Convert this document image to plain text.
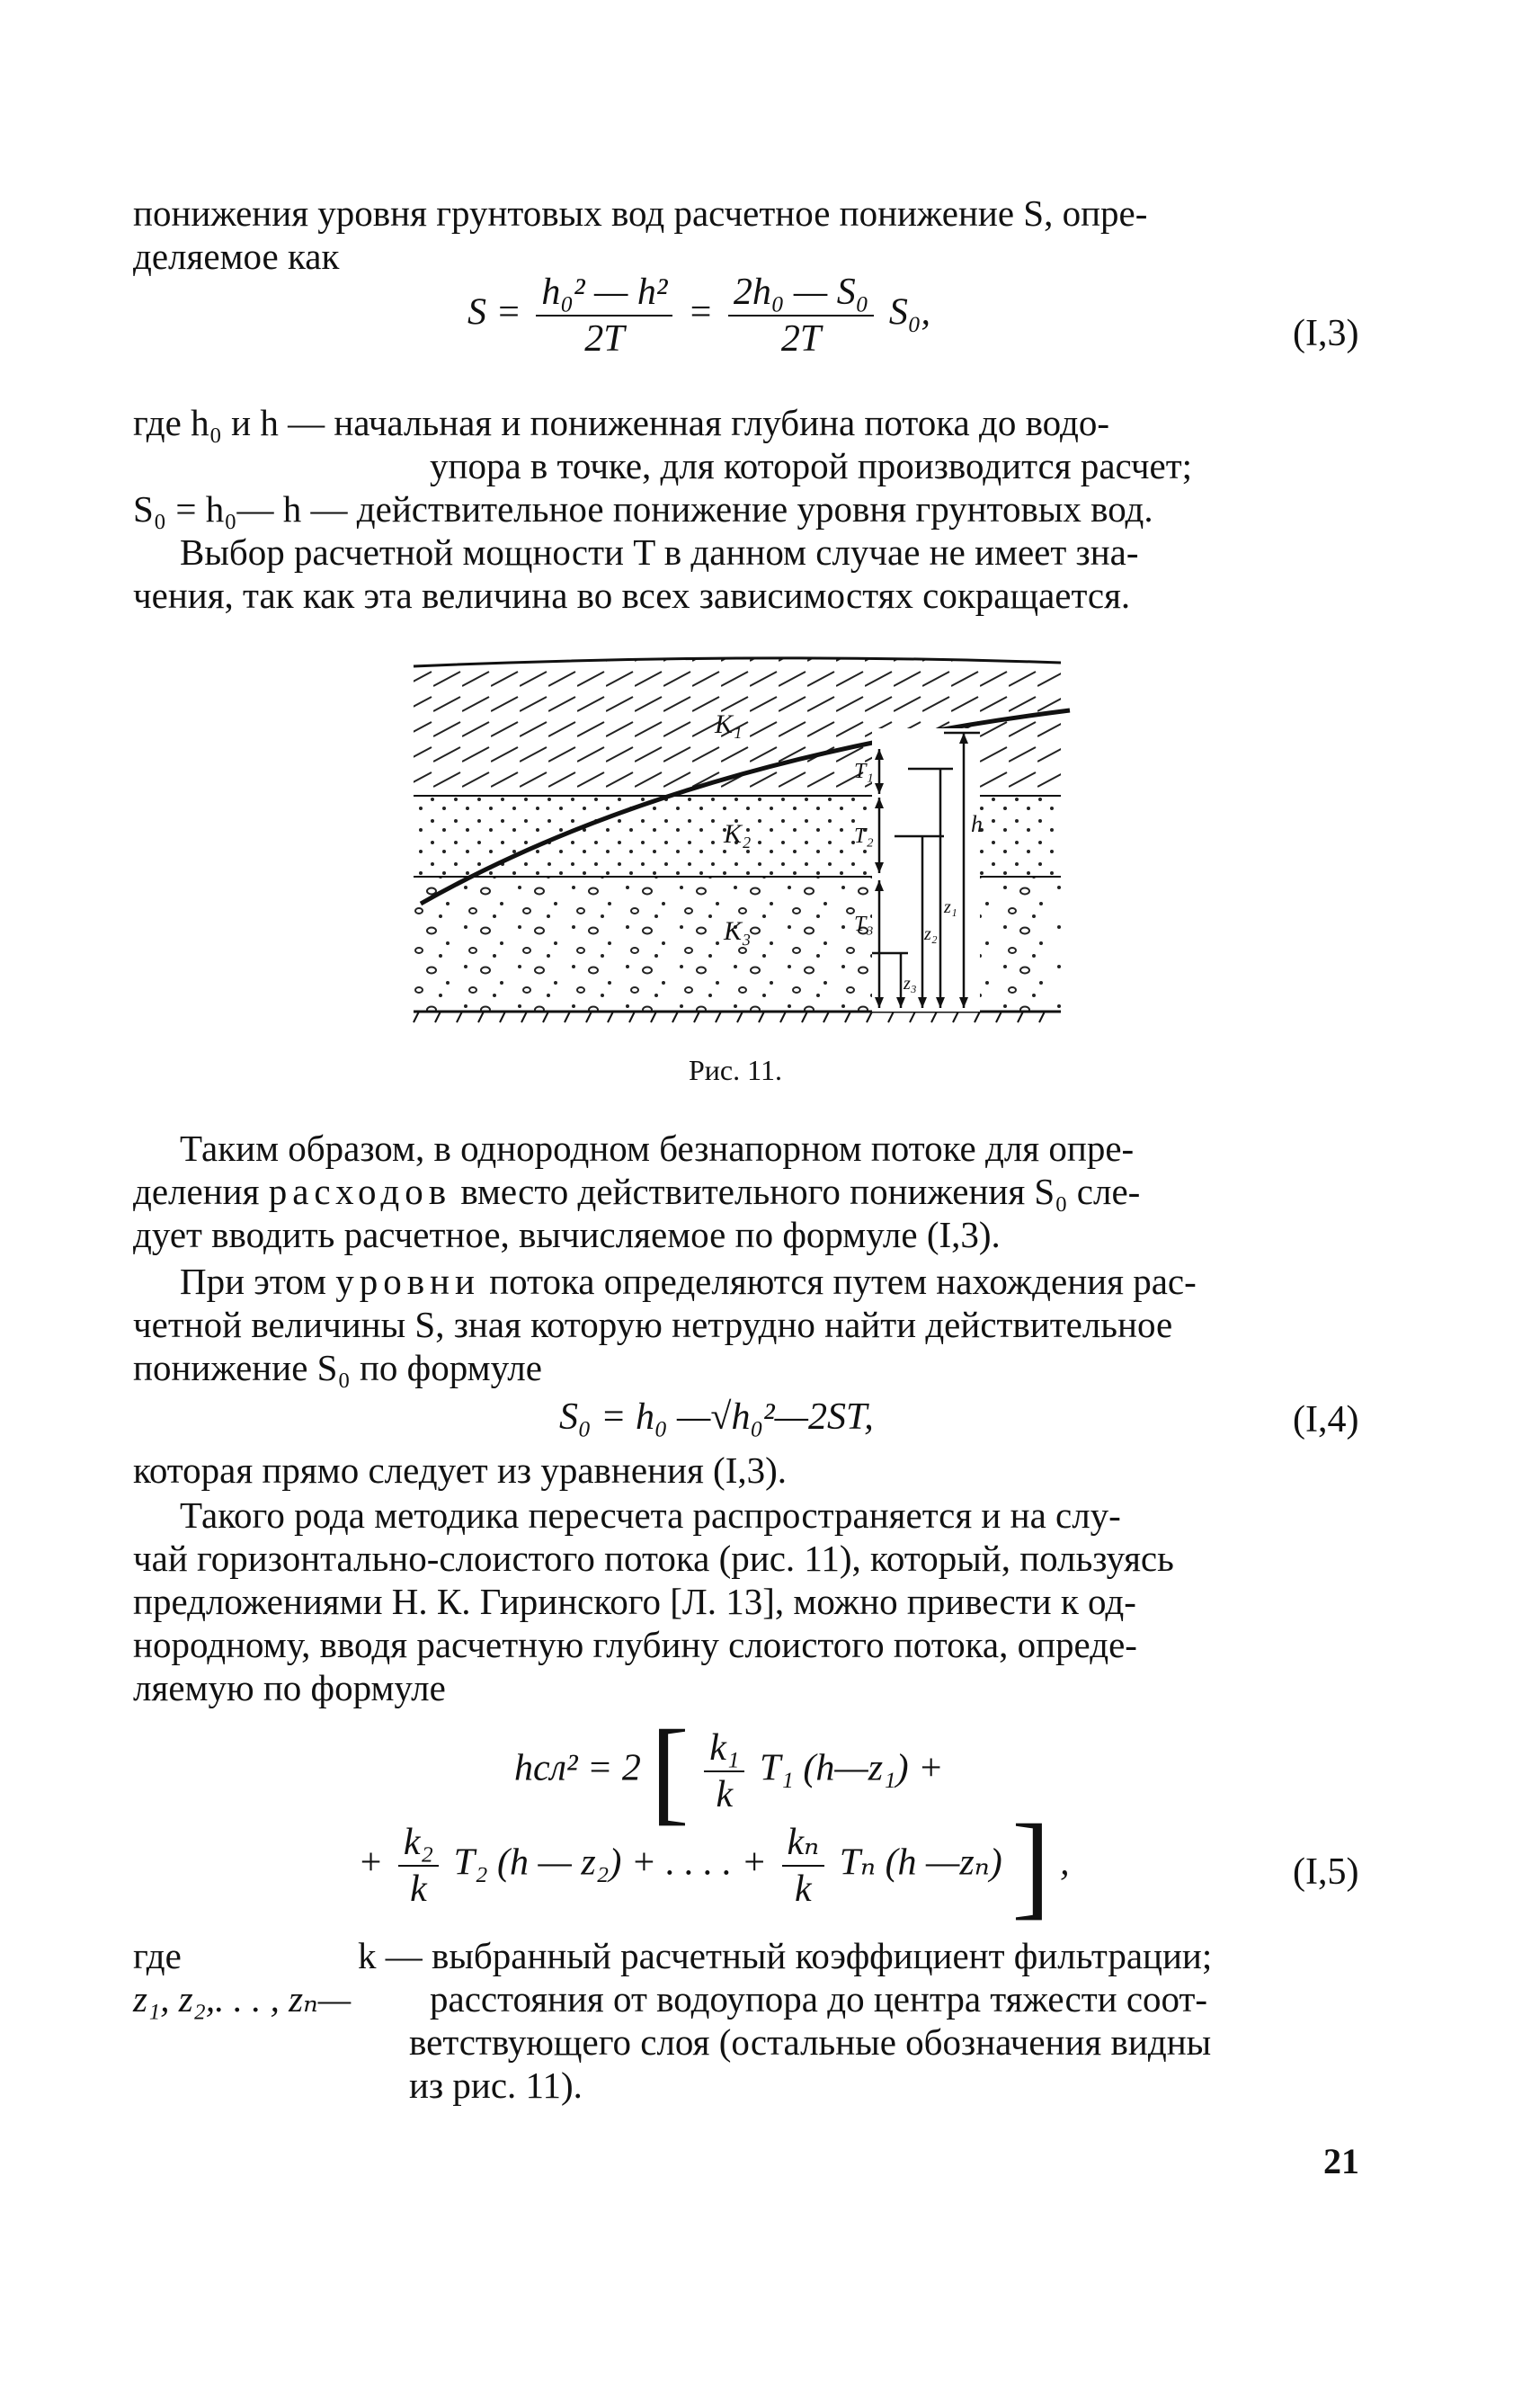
понижения уровня грунтовых вод расчетное понижение S, опре-
деляемое как
$S = \frac{\text{h₀² — h²}}{2T} = \frac{\text{2h₀ — S₀}}{2T} S_0$,
(I,3)
где h₀ и h — начальная и пониженная глубина потока до водо-
упора в точке, для которой производится расчет;
S₀ = h₀— h — действительное понижение уровня грунтовых вод.
Выбор расчетной мощности T в данном случае не имеет зна-
чения, так как эта величина во всех зависимостях сокращается.
K₁
K₂
K₃
T₁
T₂
T₃
h
z₁
z₂
z₃
Рис. 11.
Таким образом, в однородном безнапорном потоке для опре-
деления расходов вместо действительного понижения S₀ сле-
дует вводить расчетное, вычисляемое по формуле (I,3).
При этом уровни потока определяются путем нахождения рас-
четной величины S, зная которую нетрудно найти действительное
понижение S₀ по формуле
S₀ = h₀ —√h₀²—2ST,	(I,4)
которая прямо следует из уравнения (I,3).
Такого рода методика пересчета распространяется и на слу-
чай горизонтально-слоистого потока (рис. 11), который, пользуясь
предложениями Н. К. Гиринского [Л. 13], можно привести к од-
нородному, вводя расчетную глубину слоистого потока, опреде-
ляемую по формуле
hсл² = 2 [ $\frac{\text{k₁}}{k} T_1$ (h—z₁) +
+ $\frac{\text{k₂}}{k} T_2$ (h — z₂) + . . . . + $\frac{\text{kₙ}}{k}$ Tₙ (h —zₙ) ] ,	(I,5)
где	k — выбранный расчетный коэффициент фильтрации;
z₁, z₂,. . . , zₙ— расстояния от водоупора до центра тяжести соот-
ветствующего слоя (остальные обозначения видны
из рис. 11).
21
